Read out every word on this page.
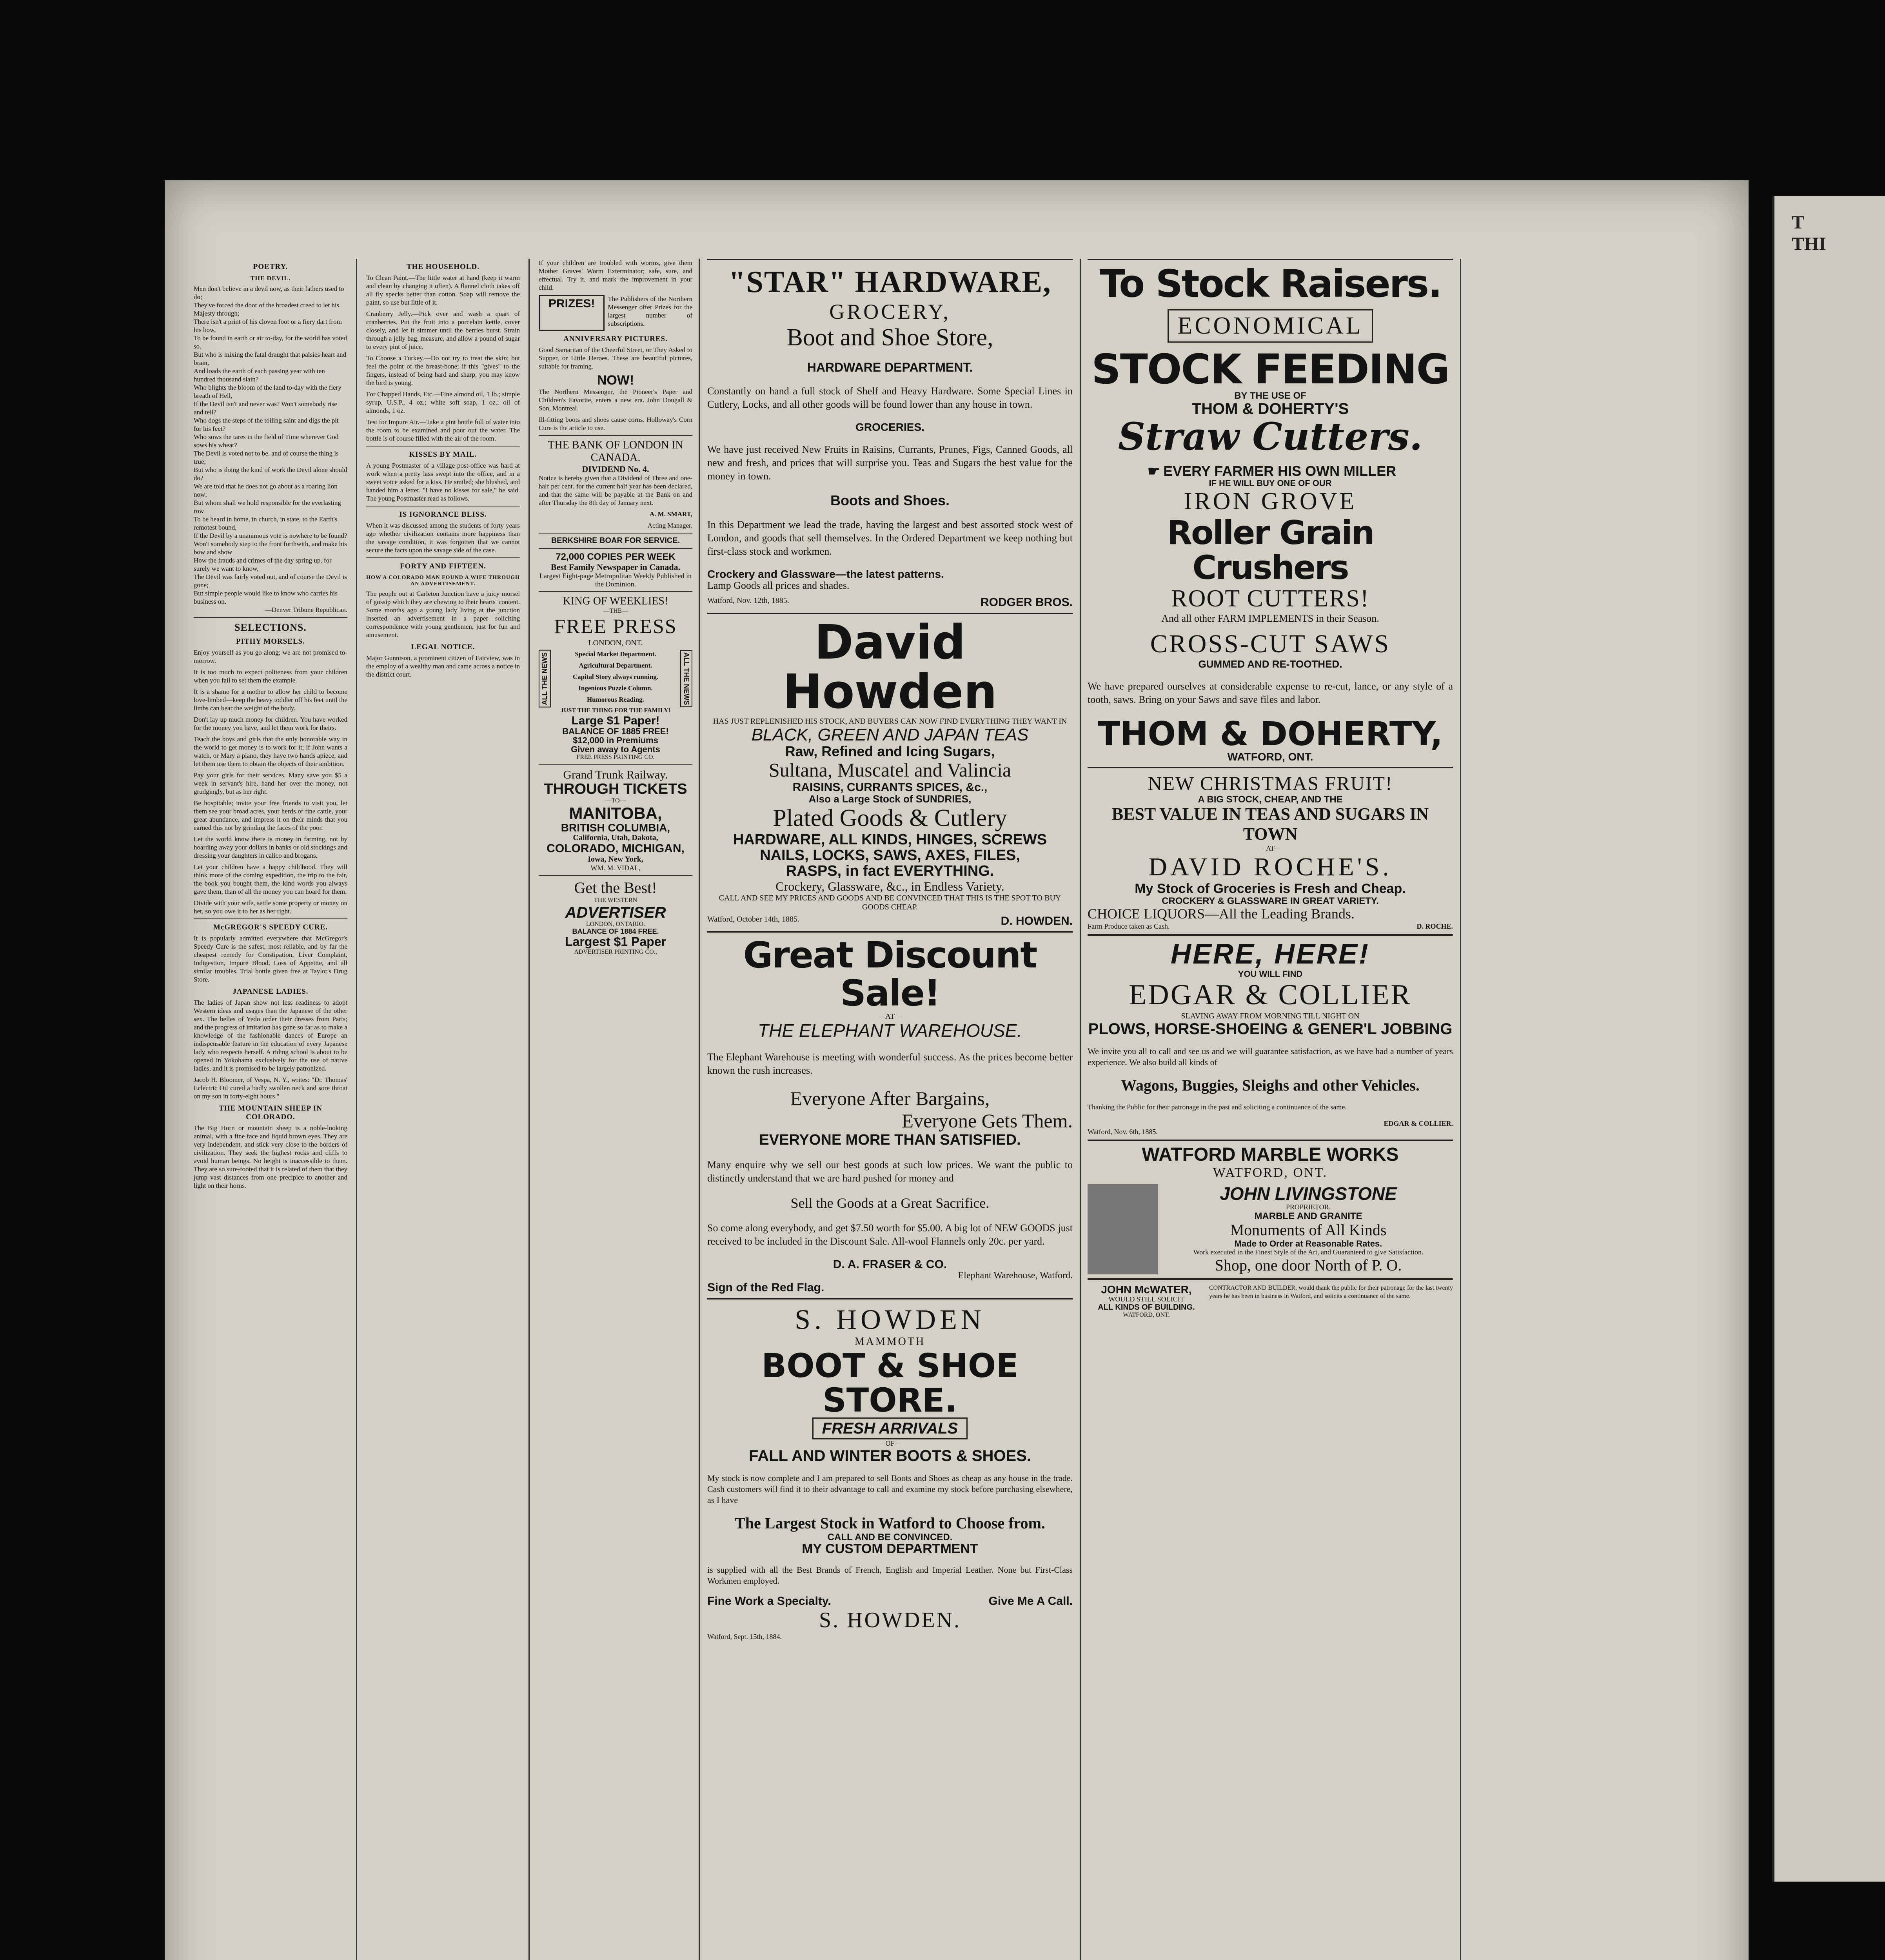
T
THI
POETRY.
THE DEVIL.
Men don't believe in a devil now, as their fathers used to do;
They've forced the door of the broadest creed to let his Majesty through;
There isn't a print of his cloven foot or a fiery dart from his bow,
To be found in earth or air to-day, for the world has voted so.
But who is mixing the fatal draught that palsies heart and brain,
And loads the earth of each passing year with ten hundred thousand slain?
Who blights the bloom of the land to-day with the fiery breath of Hell,
If the Devil isn't and never was? Won't somebody rise and tell?
Who dogs the steps of the toiling saint and digs the pit for his feet?
Who sows the tares in the field of Time wherever God sows his wheat?
The Devil is voted not to be, and of course the thing is true;
But who is doing the kind of work the Devil alone should do?
We are told that he does not go about as a roaring lion now;
But whom shall we hold responsible for the everlasting row
To be heard in home, in church, in state, to the Earth's remotest bound,
If the Devil by a unanimous vote is nowhere to be found?
Won't somebody step to the front forthwith, and make his bow and show
How the frauds and crimes of the day spring up, for surely we want to know,
The Devil was fairly voted out, and of course the Devil is gone;
But simple people would like to know who carries his business on.
—Denver Tribune Republican.
SELECTIONS.
PITHY MORSELS.

Enjoy yourself as you go along; we are not promised to-morrow.

It is too much to expect politeness from your children when you fail to set them the example.

It is a shame for a mother to allow her child to become love-limbed—keep the heavy toddler off his feet until the limbs can bear the weight of the body.

Don't lay up much money for children. You have worked for the money you have, and let them work for theirs.

Teach the boys and girls that the only honorable way in the world to get money is to work for it; if John wants a watch, or Mary a piano, they have two hands apiece, and let them use them to obtain the objects of their ambition.

Pay your girls for their services. Many save you $5 a week in servant's hire, hand her over the money, not grudgingly, but as her right.

Be hospitable; invite your free friends to visit you, let them see your broad acres, your herds of fine cattle, your great abundance, and impress it on their minds that you earned this not by grinding the faces of the poor.

Let the world know there is money in farming, not by hoarding away your dollars in banks or old stockings and dressing your daughters in calico and brogans.

Let your children have a happy childhood. They will think more of the coming expedition, the trip to the fair, the book you bought them, the kind words you always gave them, than of all the money you can hoard for them.

Divide with your wife, settle some property or money on her, so you owe it to her as her right.

McGREGOR'S SPEEDY CURE.

It is popularly admitted everywhere that McGregor's Speedy Cure is the safest, most reliable, and by far the cheapest remedy for Constipation, Liver Complaint, Indigestion, Impure Blood, Loss of Appetite, and all similar troubles. Trial bottle given free at Taylor's Drug Store.

JAPANESE LADIES.

The ladies of Japan show not less readiness to adopt Western ideas and usages than the Japanese of the other sex. The belles of Yedo order their dresses from Paris; and the progress of imitation has gone so far as to make a knowledge of the fashionable dances of Europe an indispensable feature in the education of every Japanese lady who respects herself. A riding school is about to be opened in Yokohama exclusively for the use of native ladies, and it is promised to be largely patronized.

Jacob H. Bloomer, of Vespa, N. Y., writes: "Dr. Thomas' Eclectric Oil cured a badly swollen neck and sore throat on my son in forty-eight hours."

THE MOUNTAIN SHEEP IN COLORADO.

The Big Horn or mountain sheep is a noble-looking animal, with a fine face and liquid brown eyes. They are very independent, and stick very close to the borders of civilization. They seek the highest rocks and cliffs to avoid human beings. No height is inaccessible to them. They are so sure-footed that it is related of them that they jump vast distances from one precipice to another and light on their horns.

THE HOUSEHOLD.

To Clean Paint.—The little water at hand (keep it warm and clean by changing it often). A flannel cloth takes off all fly specks better than cotton. Soap will remove the paint, so use but little of it.

Cranberry Jelly.—Pick over and wash a quart of cranberries. Put the fruit into a porcelain kettle, cover closely, and let it simmer until the berries burst. Strain through a jelly bag, measure, and allow a pound of sugar to every pint of juice.

To Choose a Turkey.—Do not try to treat the skin; but feel the point of the breast-bone; if this "gives" to the fingers, instead of being hard and sharp, you may know the bird is young.

For Chapped Hands, Etc.—Fine almond oil, 1 lb.; simple syrup, U.S.P., 4 oz.; white soft soap, 1 oz.; oil of almonds, 1 oz.

Test for Impure Air.—Take a pint bottle full of water into the room to be examined and pour out the water. The bottle is of course filled with the air of the room.

KISSES BY MAIL.

A young Postmaster of a village post-office was hard at work when a pretty lass swept into the office, and in a sweet voice asked for a kiss. He smiled; she blushed, and handed him a letter. "I have no kisses for sale," he said. The young Postmaster read as follows.

IS IGNORANCE BLISS.

When it was discussed among the students of forty years ago whether civilization contains more happiness than the savage condition, it was forgotten that we cannot secure the facts upon the savage side of the case.

FORTY AND FIFTEEN.
HOW A COLORADO MAN FOUND A WIFE THROUGH AN ADVERTISEMENT.

The people out at Carleton Junction have a juicy morsel of gossip which they are chewing to their hearts' content. Some months ago a young lady living at the junction inserted an advertisement in a paper soliciting correspondence with young gentlemen, just for fun and amusement.

LEGAL NOTICE.

Major Gunnison, a prominent citizen of Fairview, was in the employ of a wealthy man and came across a notice in the district court.

If your children are troubled with worms, give them Mother Graves' Worm Exterminator; safe, sure, and effectual. Try it, and mark the improvement in your child.

PRIZES!	The Publishers of the Northern Messenger offer Prizes for the largest number of subscriptions.

ANNIVERSARY PICTURES.

Good Samaritan of the Cheerful Street, or They Asked to Supper, or Little Heroes. These are beautiful pictures, suitable for framing.

NOW!

The Northern Messenger, the Pioneer's Paper and Children's Favorite, enters a new era. John Dougall & Son, Montreal.

Ill-fitting boots and shoes cause corns. Holloway's Corn Cure is the article to use.

THE BANK OF LONDON IN CANADA.
DIVIDEND No. 4.

Notice is hereby given that a Dividend of Three and one-half per cent. for the current half year has been declared, and that the same will be payable at the Bank on and after Thursday the 8th day of January next.

A. M. SMART,
Acting Manager.
BERKSHIRE BOAR FOR SERVICE.
72,000 COPIES PER WEEK
Best Family Newspaper in Canada.
Largest Eight-page Metropolitan Weekly Published in the Dominion.
KING OF WEEKLIES!
—THE—
FREE PRESS
LONDON, ONT.
ALL THE NEWS	Special Market Department.
Agricultural Department.
Capital Story always running.
Ingenious Puzzle Column.
Humorous Reading.	ALL THE NEWS
JUST THE THING FOR THE FAMILY!
Large $1 Paper!
BALANCE OF 1885 FREE!
$12,000 in Premiums
Given away to Agents
FREE PRESS PRINTING CO.
Grand Trunk Railway.
THROUGH TICKETS
—TO—
MANITOBA,
BRITISH COLUMBIA,
California, Utah, Dakota,
COLORADO, MICHIGAN,
Iowa, New York,
WM. M. VIDAL,
Get the Best!
THE WESTERN
ADVERTISER
LONDON, ONTARIO.
BALANCE OF 1884 FREE.
Largest $1 Paper
ADVERTISER PRINTING CO.,
"STAR" HARDWARE,
GROCERY,
Boot and Shoe Store,
HARDWARE DEPARTMENT.

Constantly on hand a full stock of Shelf and Heavy Hardware. Some Special Lines in Cutlery, Locks, and all other goods will be found lower than any house in town.

GROCERIES.

We have just received New Fruits in Raisins, Currants, Prunes, Figs, Canned Goods, all new and fresh, and prices that will surprise you. Teas and Sugars the best value for the money in town.

Boots and Shoes.

In this Department we lead the trade, having the largest and best assorted stock west of London, and goods that sell themselves. In the Ordered Department we keep nothing but first-class stock and workmen.

Crockery and Glassware—the latest patterns.
Lamp Goods all prices and shades.
Watford, Nov. 12th, 1885.	RODGER BROS.
David Howden
HAS JUST REPLENISHED HIS STOCK, AND BUYERS CAN NOW FIND EVERYTHING THEY WANT IN
BLACK, GREEN AND JAPAN TEAS
Raw, Refined and Icing Sugars,
Sultana, Muscatel and Valincia
RAISINS, CURRANTS SPICES, &c.,
Also a Large Stock of SUNDRIES,
Plated Goods & Cutlery
HARDWARE, ALL KINDS, HINGES, SCREWS
NAILS, LOCKS, SAWS, AXES, FILES,
RASPS, in fact EVERYTHING.
Crockery, Glassware, &c., in Endless Variety.
CALL AND SEE MY PRICES AND GOODS AND BE CONVINCED THAT THIS IS THE SPOT TO BUY GOODS CHEAP.
Watford, October 14th, 1885.	D. HOWDEN.
Great Discount Sale!
—AT—
THE ELEPHANT WAREHOUSE.

The Elephant Warehouse is meeting with wonderful success. As the prices become better known the rush increases.

Everyone After Bargains,
Everyone Gets Them.
EVERYONE MORE THAN SATISFIED.

Many enquire why we sell our best goods at such low prices. We want the public to distinctly understand that we are hard pushed for money and

Sell the Goods at a Great Sacrifice.

So come along everybody, and get $7.50 worth for $5.00. A big lot of NEW GOODS just received to be included in the Discount Sale. All-wool Flannels only 20c. per yard.

D. A. FRASER & CO.
Elephant Warehouse, Watford.
Sign of the Red Flag.
S. HOWDEN
MAMMOTH
BOOT & SHOE STORE.
FRESH ARRIVALS
—OF—
FALL AND WINTER BOOTS & SHOES.

My stock is now complete and I am prepared to sell Boots and Shoes as cheap as any house in the trade. Cash customers will find it to their advantage to call and examine my stock before purchasing elsewhere, as I have

The Largest Stock in Watford to Choose from.
CALL AND BE CONVINCED.
MY CUSTOM DEPARTMENT

is supplied with all the Best Brands of French, English and Imperial Leather. None but First-Class Workmen employed.

Fine Work a Specialty.	Give Me A Call.
S. HOWDEN.
Watford, Sept. 15th, 1884.
To Stock Raisers.
ECONOMICAL
STOCK FEEDING
BY THE USE OF
THOM & DOHERTY'S
Straw Cutters.
☛ EVERY FARMER HIS OWN MILLER
IF HE WILL BUY ONE OF OUR
IRON GROVE
Roller Grain Crushers
ROOT CUTTERS!
And all other FARM IMPLEMENTS in their Season.
CROSS-CUT SAWS
GUMMED AND RE-TOOTHED.

We have prepared ourselves at considerable expense to re-cut, lance, or any style of a tooth, saws. Bring on your Saws and save files and labor.

THOM & DOHERTY,
WATFORD, ONT.
NEW CHRISTMAS FRUIT!
A BIG STOCK, CHEAP, AND THE
BEST VALUE IN TEAS AND SUGARS IN TOWN
—AT—
DAVID ROCHE'S.
My Stock of Groceries is Fresh and Cheap.
CROCKERY & GLASSWARE IN GREAT VARIETY.
CHOICE LIQUORS—All the Leading Brands.
Farm Produce taken as Cash.	D. ROCHE.
HERE, HERE!
YOU WILL FIND
EDGAR & COLLIER
SLAVING AWAY FROM MORNING TILL NIGHT ON
PLOWS, HORSE-SHOEING & GENER'L JOBBING

We invite you all to call and see us and we will guarantee satisfaction, as we have had a number of years experience. We also build all kinds of

Wagons, Buggies, Sleighs and other Vehicles.

Thanking the Public for their patronage in the past and soliciting a continuance of the same.

EDGAR & COLLIER.
Watford, Nov. 6th, 1885.
WATFORD MARBLE WORKS
WATFORD, ONT.
JOHN LIVINGSTONE
PROPRIETOR.
MARBLE AND GRANITE
Monuments of All Kinds
Made to Order at Reasonable Rates.
Work executed in the Finest Style of the Art, and Guaranteed to give Satisfaction.
Shop, one door North of P. O.
JOHN McWATER,
WOULD STILL SOLICIT
ALL KINDS OF BUILDING.
WATFORD, ONT.

CONTRACTOR AND BUILDER, would thank the public for their patronage for the last twenty years he has been in business in Watford, and solicits a continuance of the same.
